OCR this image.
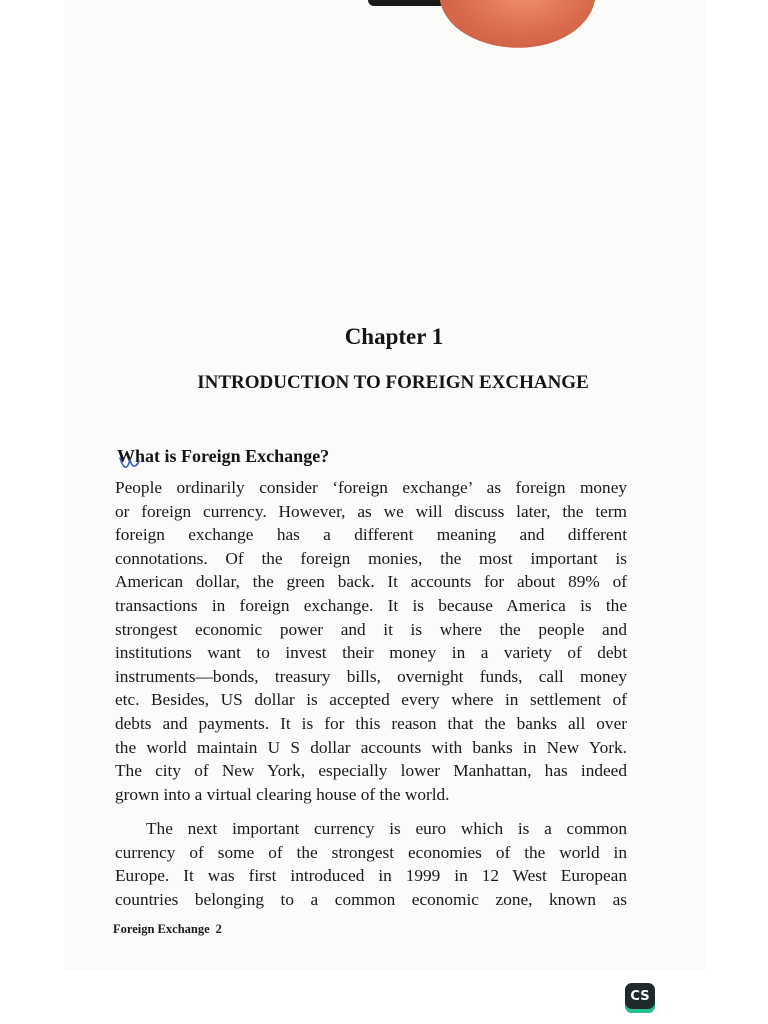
Chapter 1
INTRODUCTION TO FOREIGN EXCHANGE
What is Foreign Exchange?
People ordinarily consider ‘foreign exchange’ as foreign money
or foreign currency. However, as we will discuss later, the term
foreign exchange has a different meaning and different
connotations. Of the foreign monies, the most important is
American dollar, the green back. It accounts for about 89% of
transactions in foreign exchange. It is because America is the
strongest economic power and it is where the people and
institutions want to invest their money in a variety of debt
instruments—bonds, treasury bills, overnight funds, call money
etc. Besides, US dollar is accepted every where in settlement of
debts and payments. It is for this reason that the banks all over
the world maintain U S dollar accounts with banks in New York.
The city of New York, especially lower Manhattan, has indeed
grown into a virtual clearing house of the world.
The next important currency is euro which is a common
currency of some of the strongest economies of the world in
Europe. It was first introduced in 1999 in 12 West European
countries belonging to a common economic zone, known as
Foreign Exchange 2
CS
